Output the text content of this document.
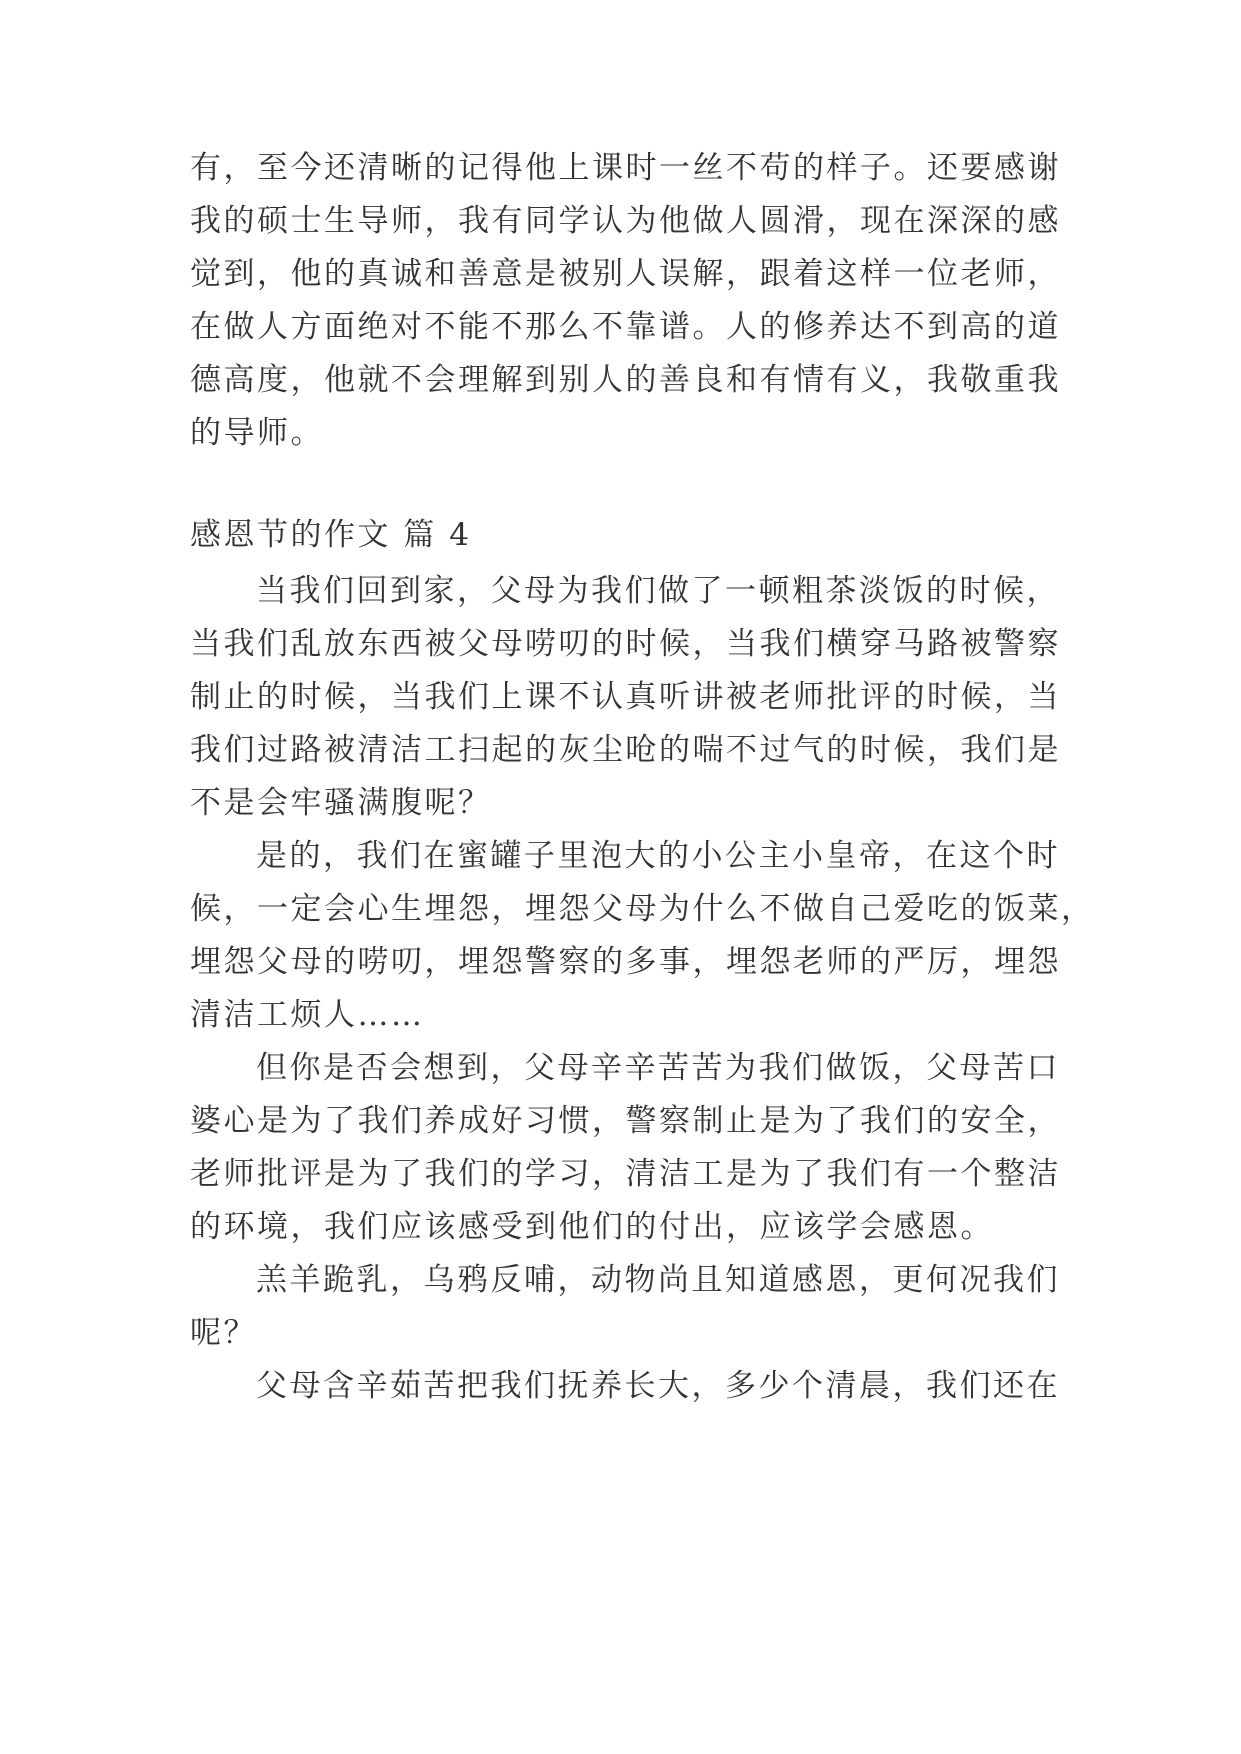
有，至今还清晰的记得他上课时一丝不苟的样子。还要感谢
我的硕士生导师，我有同学认为他做人圆滑，现在深深的感
觉到，他的真诚和善意是被别人误解，跟着这样一位老师，
在做人方面绝对不能不那么不靠谱。人的修养达不到高的道
德高度，他就不会理解到别人的善良和有情有义，我敬重我
的导师。
感恩节的作文 篇 4
当我们回到家，父母为我们做了一顿粗茶淡饭的时候，
当我们乱放东西被父母唠叨的时候，当我们横穿马路被警察
制止的时候，当我们上课不认真听讲被老师批评的时候，当
我们过路被清洁工扫起的灰尘呛的喘不过气的时候，我们是
不是会牢骚满腹呢？
是的，我们在蜜罐子里泡大的小公主小皇帝，在这个时
候，一定会心生埋怨，埋怨父母为什么不做自己爱吃的饭菜，
埋怨父母的唠叨，埋怨警察的多事，埋怨老师的严厉，埋怨
清洁工烦人……
但你是否会想到，父母辛辛苦苦为我们做饭，父母苦口
婆心是为了我们养成好习惯，警察制止是为了我们的安全，
老师批评是为了我们的学习，清洁工是为了我们有一个整洁
的环境，我们应该感受到他们的付出，应该学会感恩。
羔羊跪乳，乌鸦反哺，动物尚且知道感恩，更何况我们
呢？
父母含辛茹苦把我们抚养长大，多少个清晨，我们还在
